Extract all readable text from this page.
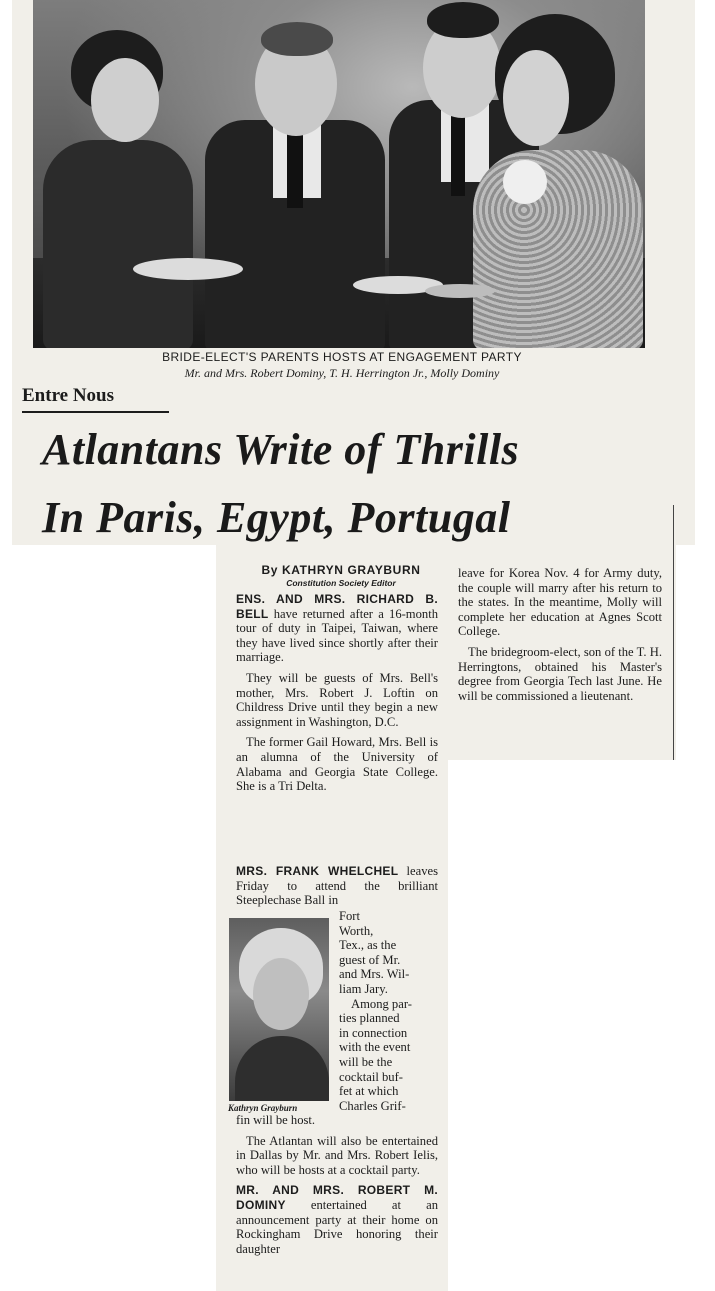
BRIDE-ELECT'S PARENTS HOSTS AT ENGAGEMENT PARTY
Mr. and Mrs. Robert Dominy, T. H. Herrington Jr., Molly Dominy
Entre Nous
Atlantans Write of Thrills
In Paris, Egypt, Portugal
By KATHRYN GRAYBURN
Constitution Society Editor

ENS. AND MRS. RICHARD B. BELL have returned after a 16-month tour of duty in Taipei, Taiwan, where they have lived since shortly after their marriage.

They will be guests of Mrs. Bell's mother, Mrs. Robert J. Loftin on Childress Drive until they begin a new assignment in Washington, D.C.

The former Gail Howard, Mrs. Bell is an alumna of the University of Alabama and Georgia State College. She is a Tri Delta.

MRS. FRANK WHELCHEL leaves Friday to attend the brilliant Steeplechase Ball in

Kathryn Grayburn
Fort
Worth,
Tex., as the
guest of Mr.
and Mrs. Wil-
liam Jary.
Among par-
ties planned
in connection
with the event
will be the
cocktail buf-
fet at which
Charles Grif-

fin will be host.

The Atlantan will also be entertained in Dallas by Mr. and Mrs. Robert Ielis, who will be hosts at a cocktail party.

MR. AND MRS. ROBERT M. DOMINY entertained at an announcement party at their home on Rockingham Drive honoring their daughter

leave for Korea Nov. 4 for Army duty, the couple will marry after his return to the states. In the meantime, Molly will complete her education at Agnes Scott College.

The bridegroom-elect, son of the T. H. Herringtons, obtained his Master's degree from Georgia Tech last June. He will be commissioned a lieutenant.
